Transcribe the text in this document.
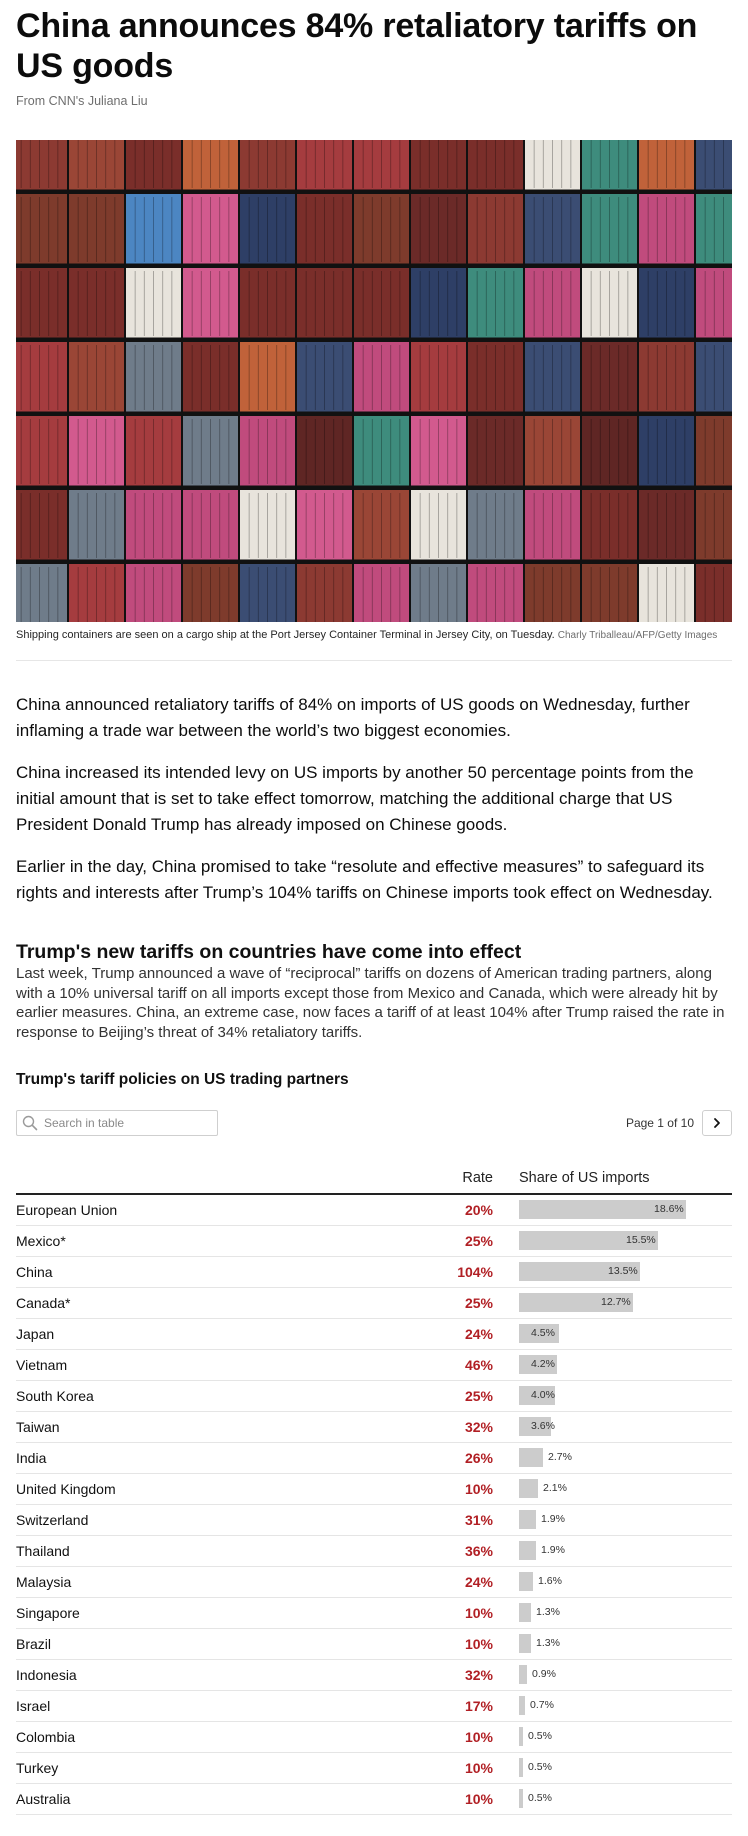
China announces 84% retaliatory tariffs on US goods
From CNN's Juliana Liu

Shipping containers are seen on a cargo ship at the Port Jersey Container Terminal in Jersey City, on Tuesday. Charly Triballeau/AFP/Getty Images

China announced retaliatory tariffs of 84% on imports of US goods on Wednesday, further inflaming a trade war between the world’s two biggest economies.

China increased its intended levy on US imports by another 50 percentage points from the initial amount that is set to take effect tomorrow, matching the additional charge that US President Donald Trump has already imposed on Chinese goods.

Earlier in the day, China promised to take “resolute and effective measures” to safeguard its rights and interests after Trump’s 104% tariffs on Chinese imports took effect on Wednesday.

Trump's new tariffs on countries have come into effect

Last week, Trump announced a wave of “reciprocal” tariffs on dozens of American trading partners, along with a 10% universal tariff on all imports except those from Mexico and Canada, which were already hit by earlier measures. China, an extreme case, now faces a tariff of at least 104% after Trump raised the rate in response to Beijing’s threat of 34% retaliatory tariffs.

Trump's tariff policies on US trading partners
Search in table
Page 1 of 10
	Rate	Share of US imports
European Union	20%	18.6%

Mexico*	25%	15.5%

China	104%	13.5%

Canada*	25%	12.7%

Japan	24%	4.5%

Vietnam	46%	4.2%

South Korea	25%	4.0%

Taiwan	32%	3.6%

India	26%	2.7%

United Kingdom	10%	2.1%

Switzerland	31%	1.9%

Thailand	36%	1.9%

Malaysia	24%	1.6%

Singapore	10%	1.3%

Brazil	10%	1.3%

Indonesia	32%	0.9%

Israel	17%	0.7%

Colombia	10%	0.5%

Turkey	10%	0.5%

Australia	10%	0.5%
